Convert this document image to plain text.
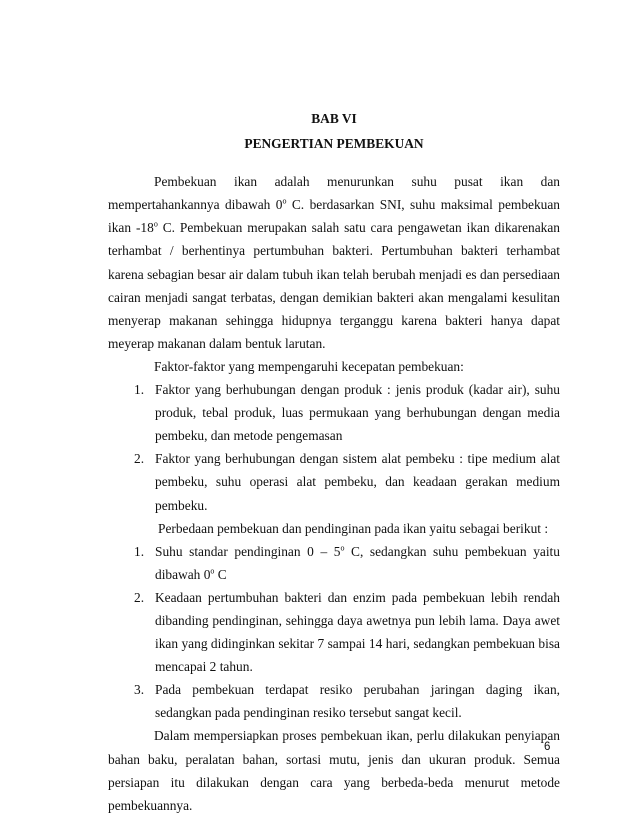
BAB VI

PENGERTIAN PEMBEKUAN

Pembekuan ikan adalah menurunkan suhu pusat ikan dan mempertahankannya dibawah 0$^o$ C. berdasarkan SNI, suhu maksimal pembekuan ikan -18$^o$ C. Pembekuan merupakan salah satu cara pengawetan ikan dikarenakan terhambat / berhentinya pertumbuhan bakteri. Pertumbuhan bakteri terhambat karena sebagian besar air dalam tubuh ikan telah berubah menjadi es dan persediaan cairan menjadi sangat terbatas, dengan demikian bakteri akan mengalami kesulitan menyerap makanan sehingga hidupnya terganggu karena bakteri hanya dapat meyerap makanan dalam bentuk larutan.

Faktor-faktor yang mempengaruhi kecepatan pembekuan:

1. Faktor yang berhubungan dengan produk : jenis produk (kadar air), suhu produk, tebal produk, luas permukaan yang berhubungan dengan media pembeku, dan metode pengemasan
2. Faktor yang berhubungan dengan sistem alat pembeku : tipe medium alat pembeku, suhu operasi alat pembeku, dan keadaan gerakan medium pembeku.

Perbedaan pembekuan dan pendinginan pada ikan yaitu sebagai berikut :

1. Suhu standar pendinginan 0 – 5$^o$ C, sedangkan suhu pembekuan yaitu dibawah 0$^o$ C
2. Keadaan pertumbuhan bakteri dan enzim pada pembekuan lebih rendah dibanding pendinginan, sehingga daya awetnya pun lebih lama. Daya awet ikan yang didinginkan sekitar 7 sampai 14 hari, sedangkan pembekuan bisa mencapai 2 tahun.
3. Pada pembekuan terdapat resiko perubahan jaringan daging ikan, sedangkan pada pendinginan resiko tersebut sangat kecil.

Dalam mempersiapkan proses pembekuan ikan, perlu dilakukan penyiapan bahan baku, peralatan bahan, sortasi mutu, jenis dan ukuran produk. Semua persiapan itu dilakukan dengan cara yang berbeda-beda menurut metode pembekuannya.

6
